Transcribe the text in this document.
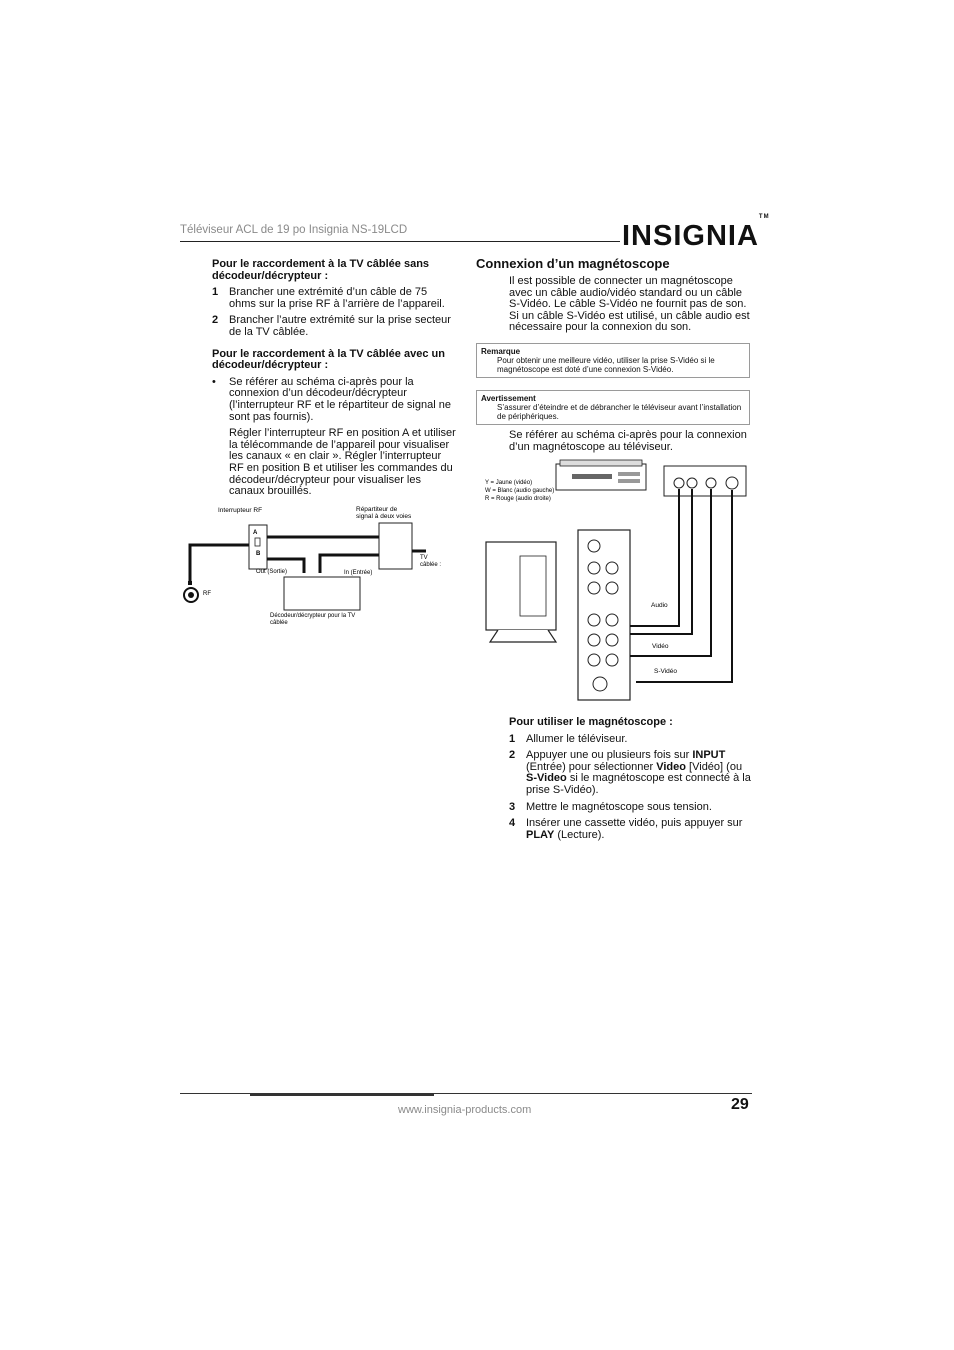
Téléviseur ACL de 19 po Insignia NS-19LCD	INSIGNIA™
Pour le raccordement à la TV câblée sans décodeur/décrypteur :
1 Brancher une extrémité d’un câble de 75 ohms sur la prise RF à l’arrière de l’appareil.
2 Brancher l’autre extrémité sur la prise secteur de la TV câblée.
Pour le raccordement à la TV câblée avec un décodeur/décrypteur :
• Se référer au schéma ci-après pour la connexion d’un décodeur/décrypteur (l’interrupteur RF et le répartiteur de signal ne sont pas fournis).
Régler l’interrupteur RF en position A et utiliser la télécommande de l’appareil pour visualiser les canaux « en clair ». Régler l’interrupteur RF en position B et utiliser les commandes du décodeur/décrypteur pour visualiser les canaux brouillés.
Interrupteur RF	Répartiteur de signal à deux voies
A
B
Out (Sortie)	In (Entrée)
TV câblée :
RF
Décodeur/décrypteur pour la TV câblée
Connexion d’un magnétoscope
Il est possible de connecter un magnétoscope avec un câble audio/vidéo standard ou un câble S-Vidéo. Le câble S-Vidéo ne fournit pas de son. Si un câble S-Vidéo est utilisé, un câble audio est nécessaire pour la connexion du son.
Remarque
Pour obtenir une meilleure vidéo, utiliser la prise S-Vidéo si le magnétoscope est doté d’une connexion S-Vidéo.
Avertissement
S’assurer d’éteindre et de débrancher le téléviseur avant l’installation de périphériques.
Se référer au schéma ci-après pour la connexion d’un magnétoscope au téléviseur.
Y = Jaune (vidéo)
W = Blanc (audio gauche)
R = Rouge (audio droite)
Audio
Vidéo
S-Vidéo
Pour utiliser le magnétoscope :
1 Allumer le téléviseur.
2 Appuyer une ou plusieurs fois sur INPUT (Entrée) pour sélectionner Video [Vidéo] (ou S-Video si le magnétoscope est connecté à la prise S-Vidéo).
3 Mettre le magnétoscope sous tension.
4 Insérer une cassette vidéo, puis appuyer sur PLAY (Lecture).
www.insignia-products.com	29
